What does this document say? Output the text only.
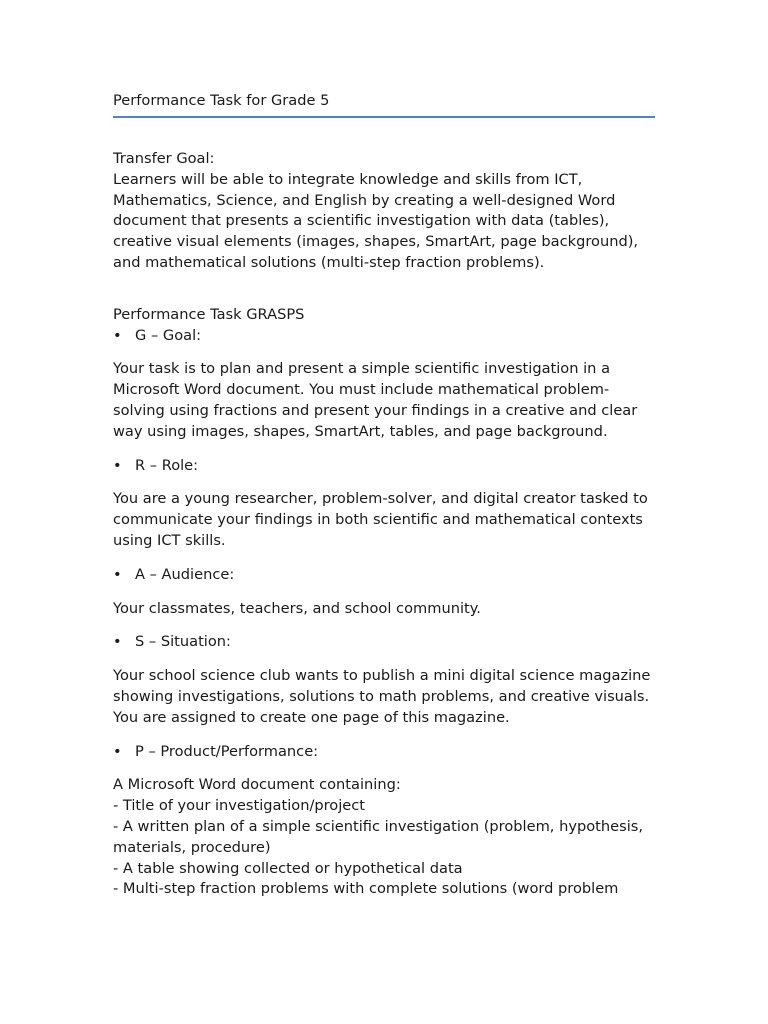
Performance Task for Grade 5
Transfer Goal:
Learners will be able to integrate knowledge and skills from ICT, Mathematics, Science, and English by creating a well-designed Word document that presents a scientific investigation with data (tables), creative visual elements (images, shapes, SmartArt, page background), and mathematical solutions (multi-step fraction problems).
Performance Task GRASPS
• G – Goal:
Your task is to plan and present a simple scientific investigation in a Microsoft Word document. You must include mathematical problem-solving using fractions and present your findings in a creative and clear way using images, shapes, SmartArt, tables, and page background.
• R – Role:
You are a young researcher, problem-solver, and digital creator tasked to communicate your findings in both scientific and mathematical contexts using ICT skills.
• A – Audience:
Your classmates, teachers, and school community.
• S – Situation:
Your school science club wants to publish a mini digital science magazine showing investigations, solutions to math problems, and creative visuals. You are assigned to create one page of this magazine.
• P – Product/Performance:
A Microsoft Word document containing:
- Title of your investigation/project
- A written plan of a simple scientific investigation (problem, hypothesis, materials, procedure)
- A table showing collected or hypothetical data
- Multi-step fraction problems with complete solutions (word problem
